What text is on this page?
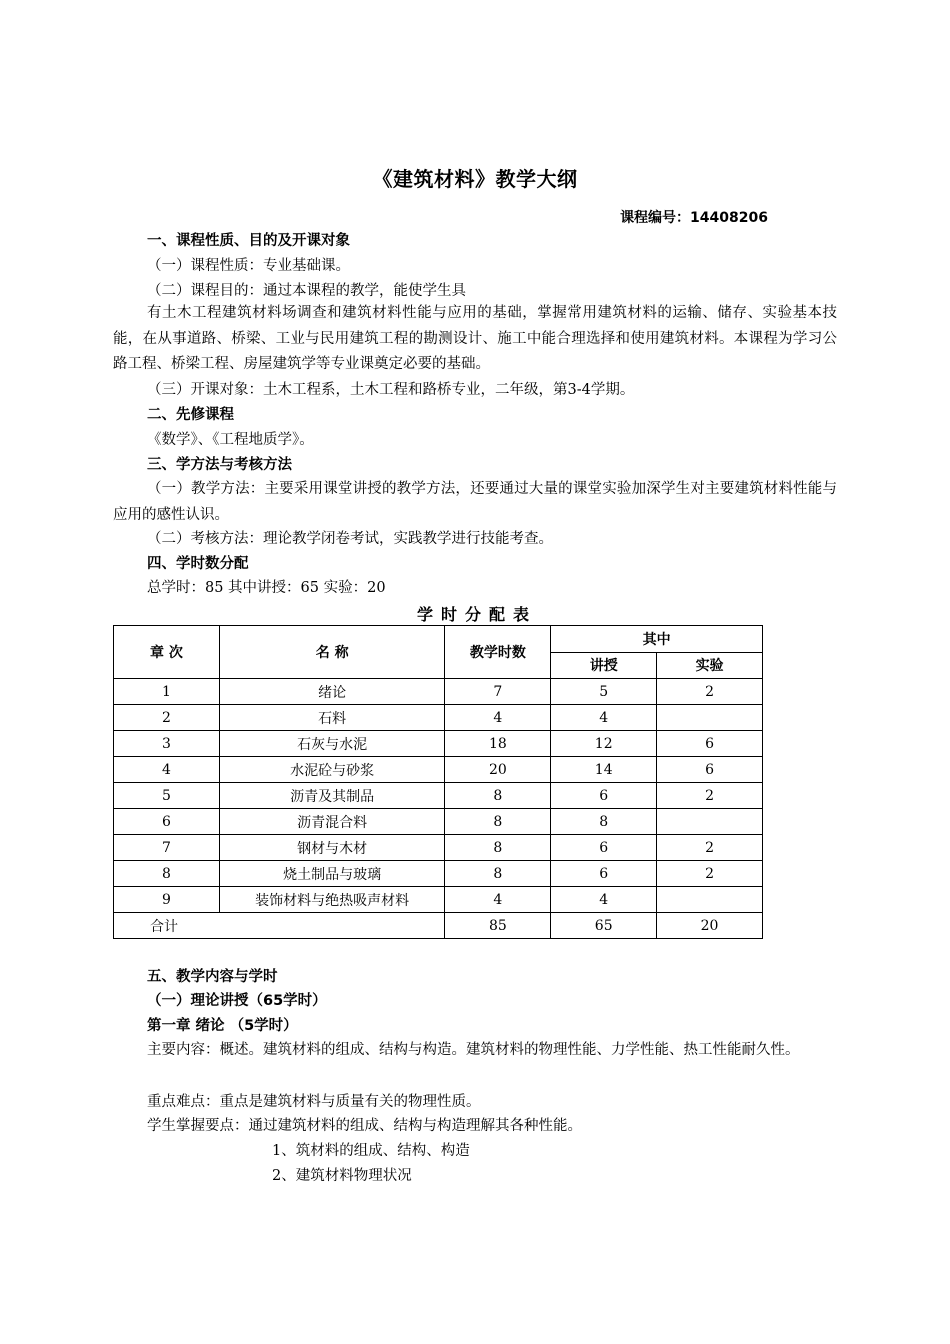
《建筑材料》教学大纲
课程编号：14408206
一、课程性质、目的及开课对象
（一）课程性质：专业基础课。
（二）课程目的：通过本课程的教学，能使学生具
有土木工程建筑材料场调查和建筑材料性能与应用的基础，掌握常用建筑材料的运输、储存、实验基本技能，在从事道路、桥梁、工业与民用建筑工程的勘测设计、施工中能合理选择和使用建筑材料。本课程为学习公路工程、桥梁工程、房屋建筑学等专业课奠定必要的基础。
（三）开课对象：土木工程系，土木工程和路桥专业，二年级，第3-4学期。
二、先修课程
《数学》、《工程地质学》。
三、学方法与考核方法
（一）教学方法：主要采用课堂讲授的教学方法，还要通过大量的课堂实验加深学生对主要建筑材料性能与应用的感性认识。
（二）考核方法：理论教学闭卷考试，实践教学进行技能考查。
四、学时数分配
总学时：85 其中讲授：65 实验：20
学时分配表
章 次	名 称	教学时数	其中	
			讲授	实验
1	绪论	7	5	2
2	石料	4	4	
3	石灰与水泥	18	12	6
4	水泥砼与砂浆	20	14	6
5	沥青及其制品	8	6	2
6	沥青混合料	8	8	
7	钢材与木材	8	6	2
8	烧土制品与玻璃	8	6	2
9	装饰材料与绝热吸声材料	4	4	
合计		85	65	20
五、教学内容与学时
（一）理论讲授（65学时）
第一章 绪论 （5学时）
主要内容：概述。建筑材料的组成、结构与构造。建筑材料的物理性能、力学性能、热工性能耐久性。
重点难点：重点是建筑材料与质量有关的物理性质。
学生掌握要点：通过建筑材料的组成、结构与构造理解其各种性能。
1、筑材料的组成、结构、构造
2、建筑材料物理状况
